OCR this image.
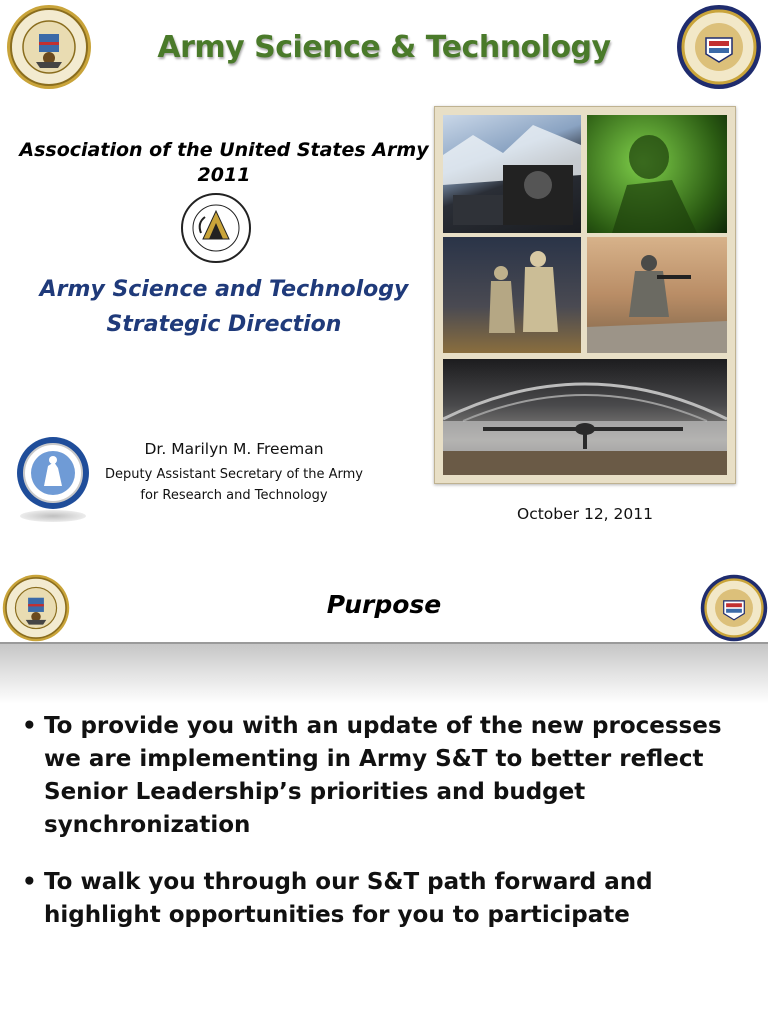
Army Science & Technology
Association of the United States Army
2011
Army Science and Technology
Strategic Direction
Dr. Marilyn M. Freeman
Deputy Assistant Secretary of the Army
for Research and Technology
October 12, 2011
Purpose
• To provide you with an update of the new processes we are implementing in Army S&T to better reflect Senior Leadership’s priorities and budget synchronization
• To walk you through our S&T path forward and highlight opportunities for you to participate
